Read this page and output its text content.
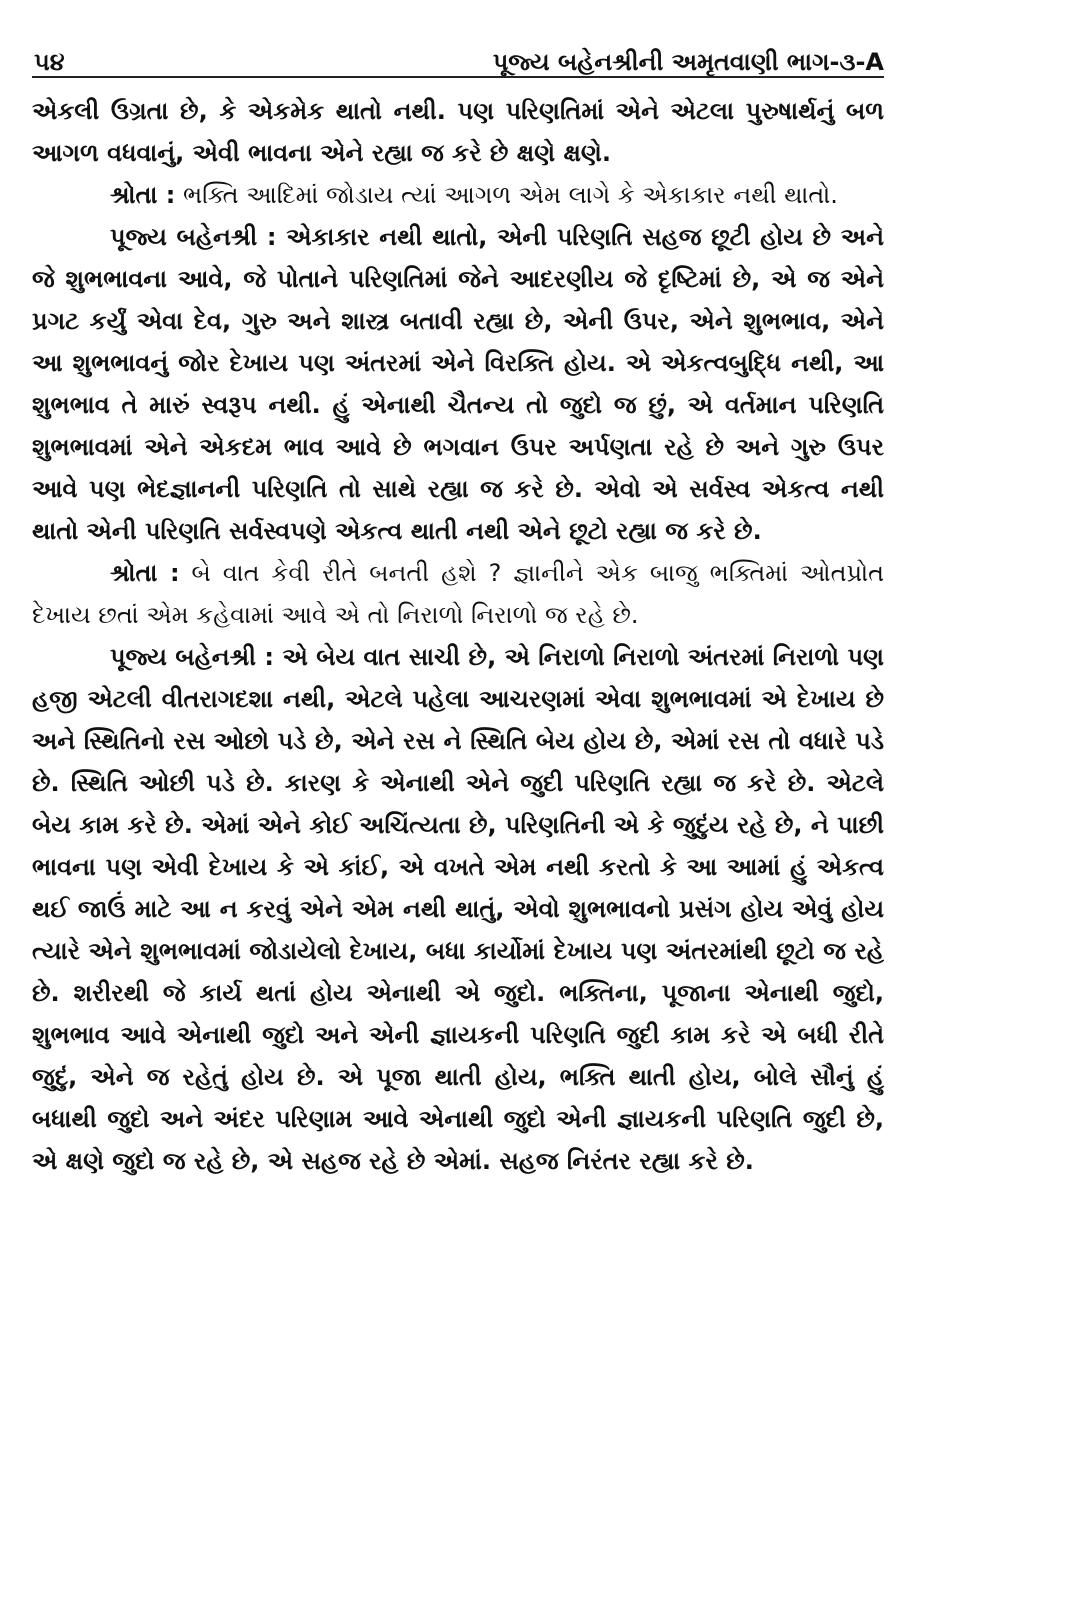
૫૪	પૂજ્ય બહેનશ્રીની અમૃતવાણી ભાગ-૩-A

એકલી ઉગ્રતા છે, કે એકમેક થાતો નથી. પણ પરિણતિમાં એને એટલા પુરુષાર્થનું બળ આગળ વધવાનું, એવી ભાવના એને રહ્યા જ કરે છે ક્ષણે ક્ષણે.

શ્રોતા : ભક્તિ આદિમાં જોડાય ત્યાં આગળ એમ લાગે કે એકાકાર નથી થાતો.

પૂજ્ય બહેનશ્રી : એકાકાર નથી થાતો, એની પરિણતિ સહજ છૂટી હોય છે અને જે શુભભાવના આવે, જે પોતાને પરિણતિમાં જેને આદરણીય જે દૃષ્ટિમાં છે, એ જ એને પ્રગટ કર્યું એવા દેવ, ગુરુ અને શાસ્ત્ર બતાવી રહ્યા છે, એની ઉપર, એને શુભભાવ, એને આ શુભભાવનું જોર દેખાય પણ અંતરમાં એને વિરક્તિ હોય. એ એકત્વબુદ્ધિ નથી, આ શુભભાવ તે મારું સ્વરૂપ નથી. હું એનાથી ચૈતન્ય તો જુદો જ છું, એ વર્તમાન પરિણતિ શુભભાવમાં એને એકદમ ભાવ આવે છે ભગવાન ઉપર અર્પણતા રહે છે અને ગુરુ ઉપર આવે પણ ભેદજ્ઞાનની પરિણતિ તો સાથે રહ્યા જ કરે છે. એવો એ સર્વસ્વ એકત્વ નથી થાતો એની પરિણતિ સર્વસ્વપણે એકત્વ થાતી નથી એને છૂટો રહ્યા જ કરે છે.

શ્રોતા : બે વાત કેવી રીતે બનતી હશે ? જ્ઞાનીને એક બાજુ ભક્તિમાં ઓતપ્રોત દેખાય છતાં એમ કહેવામાં આવે એ તો નિરાળો નિરાળો જ રહે છે.

પૂજ્ય બહેનશ્રી : એ બેય વાત સાચી છે, એ નિરાળો નિરાળો અંતરમાં નિરાળો પણ હજી એટલી વીતરાગદશા નથી, એટલે પહેલા આચરણમાં એવા શુભભાવમાં એ દેખાય છે અને સ્થિતિનો રસ ઓછો પડે છે, એને રસ ને સ્થિતિ બેય હોય છે, એમાં રસ તો વધારે પડે છે. સ્થિતિ ઓછી પડે છે. કારણ કે એનાથી એને જુદી પરિણતિ રહ્યા જ કરે છે. એટલે બેય કામ કરે છે. એમાં એને કોઈ અચિંત્યતા છે, પરિણતિની એ કે જુદુંય રહે છે, ને પાછી ભાવના પણ એવી દેખાય કે એ કાંઈ, એ વખતે એમ નથી કરતો કે આ આમાં હું એકત્વ થઈ જાઉં માટે આ ન કરવું એને એમ નથી થાતું, એવો શુભભાવનો પ્રસંગ હોય એવું હોય ત્યારે એને શુભભાવમાં જોડાયેલો દેખાય, બધા કાર્યોમાં દેખાય પણ અંતરમાંથી છૂટો જ રહે છે. શરીરથી જે કાર્ય થતાં હોય એનાથી એ જુદો. ભક્તિના, પૂજાના એનાથી જુદો, શુભભાવ આવે એનાથી જુદો અને એની જ્ઞાયકની પરિણતિ જુદી કામ કરે એ બધી રીતે જુદું, એને જ રહેતું હોય છે. એ પૂજા થાતી હોય, ભક્તિ થાતી હોય, બોલે સૌનું હું બધાથી જુદો અને અંદર પરિણામ આવે એનાથી જુદો એની જ્ઞાયકની પરિણતિ જુદી છે, એ ક્ષણે જુદો જ રહે છે, એ સહજ રહે છે એમાં. સહજ નિરંતર રહ્યા કરે છે.
